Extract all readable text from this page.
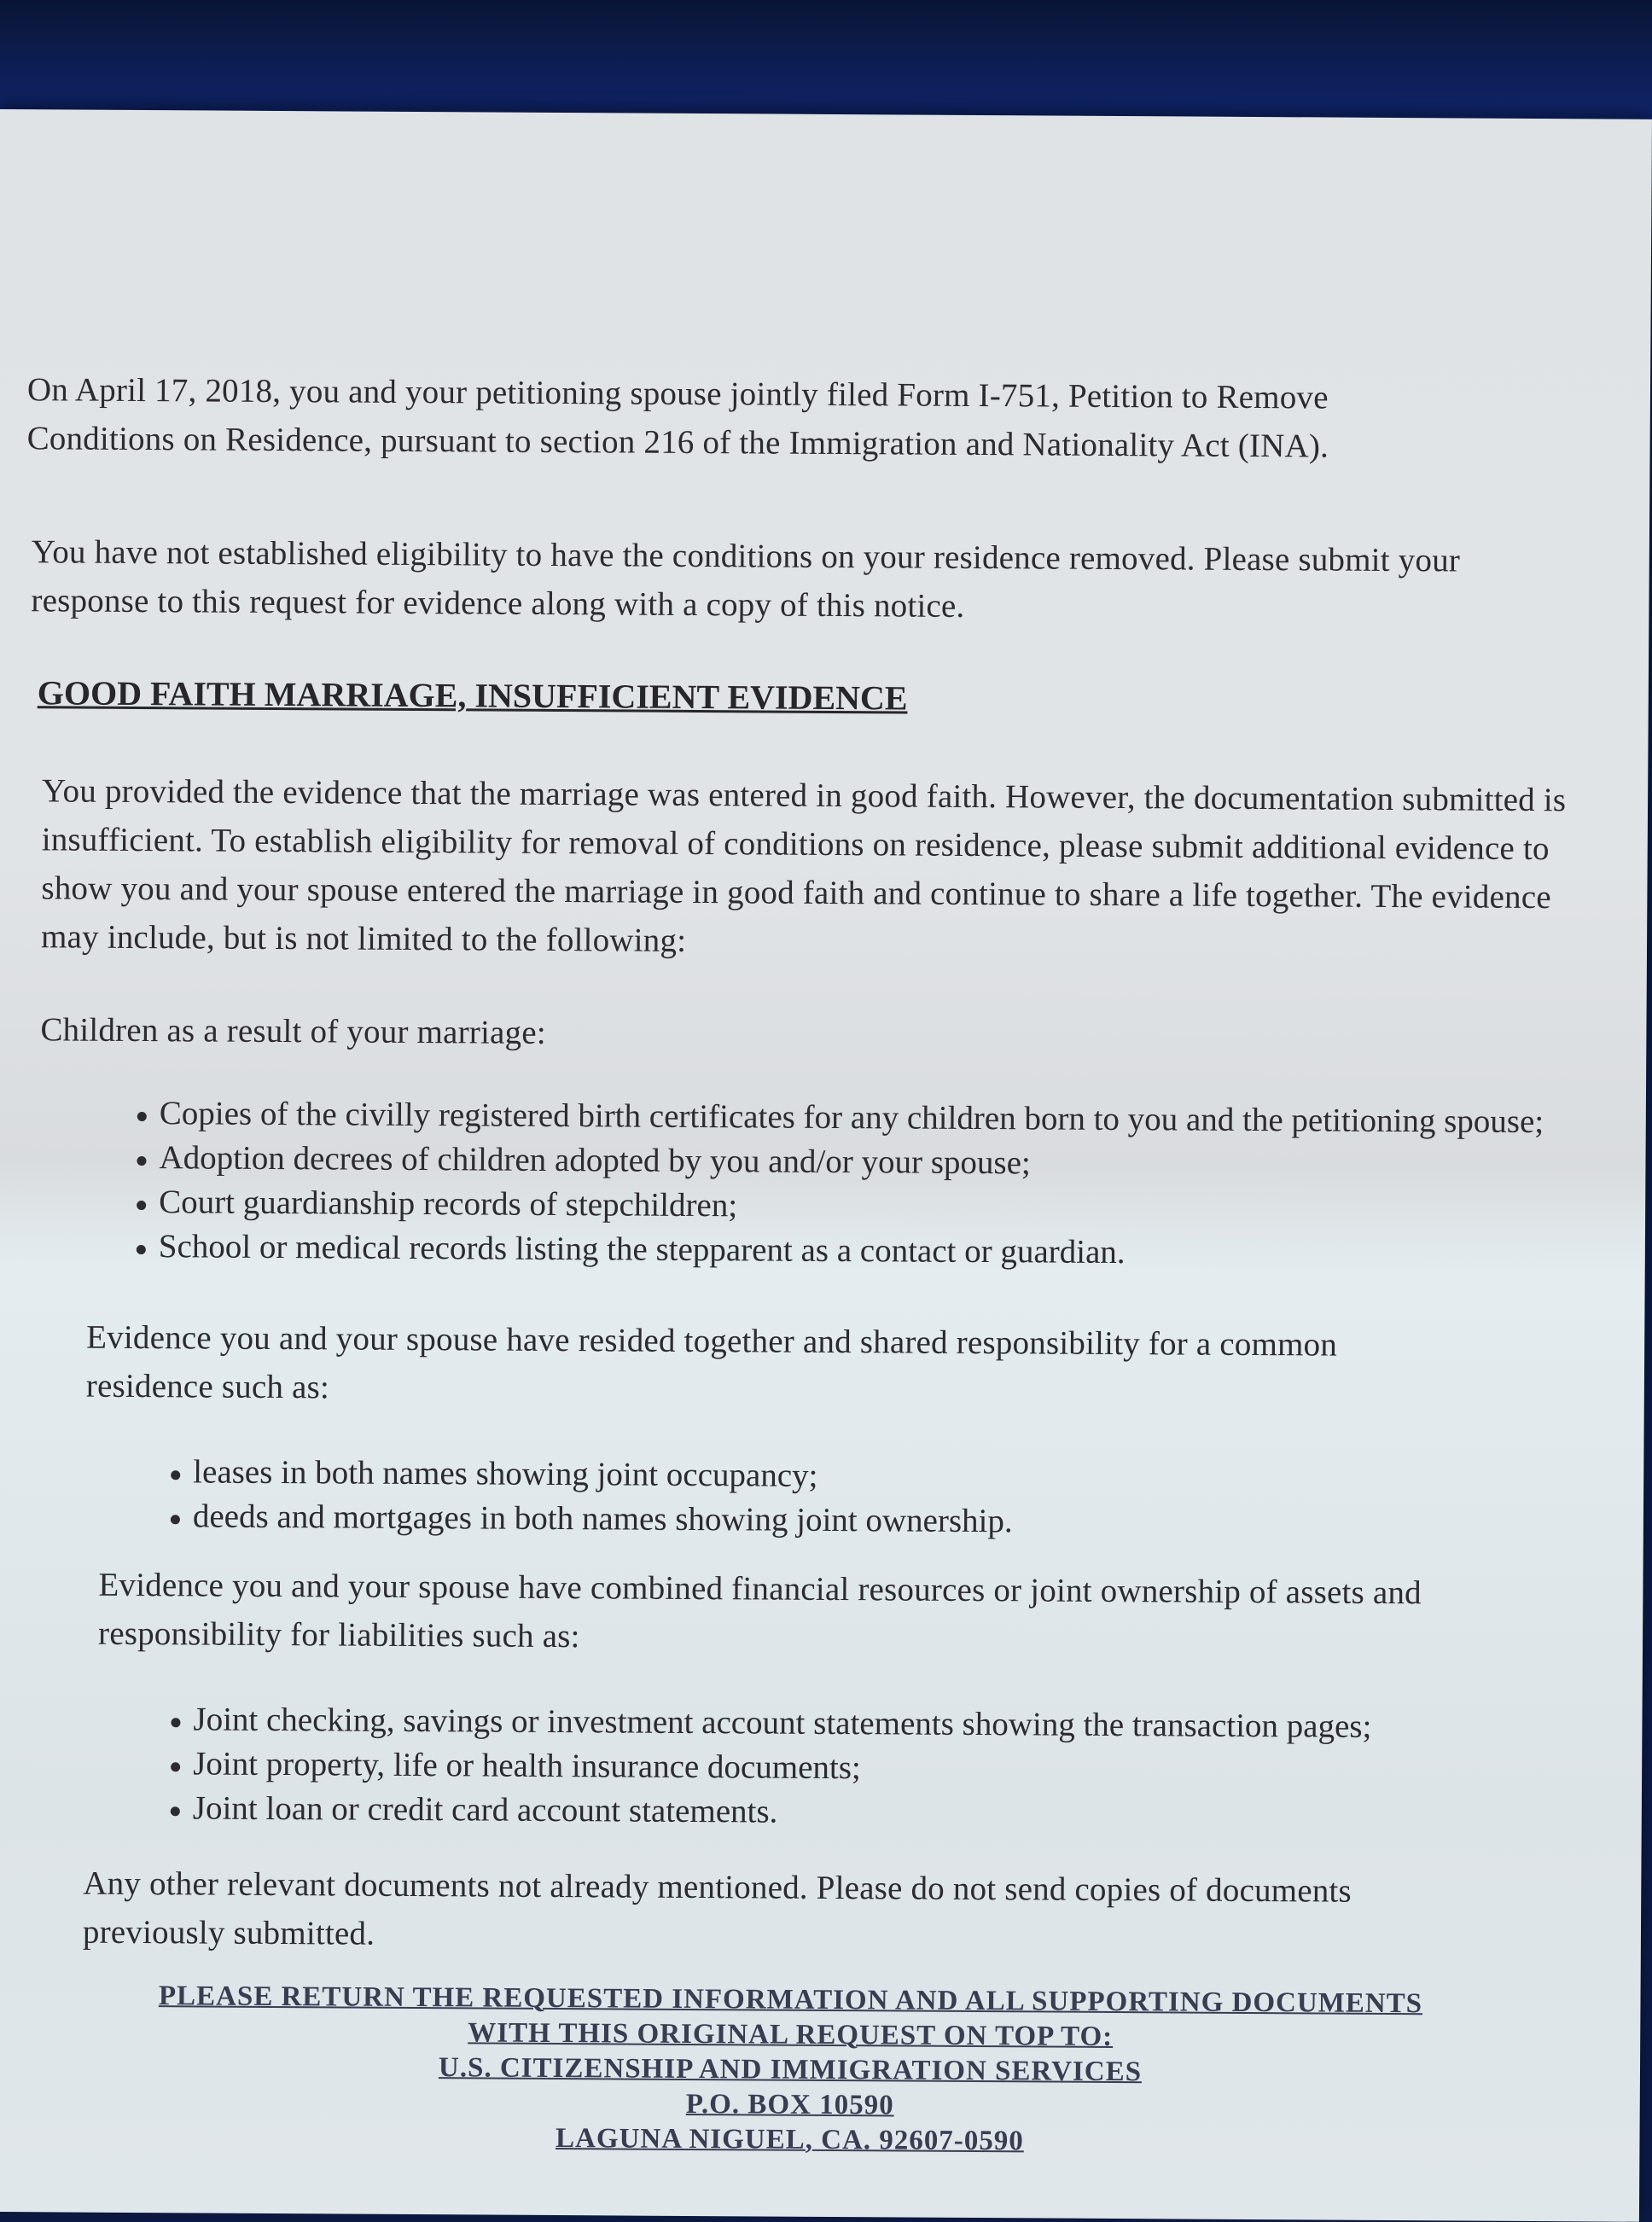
On April 17, 2018, you and your petitioning spouse jointly filed Form I-751, Petition to Remove Conditions on Residence, pursuant to section 216 of the Immigration and Nationality Act (INA).
You have not established eligibility to have the conditions on your residence removed. Please submit your response to this request for evidence along with a copy of this notice.
GOOD FAITH MARRIAGE, INSUFFICIENT EVIDENCE
You provided the evidence that the marriage was entered in good faith. However, the documentation submitted is insufficient. To establish eligibility for removal of conditions on residence, please submit additional evidence to show you and your spouse entered the marriage in good faith and continue to share a life together. The evidence may include, but is not limited to the following:
Children as a result of your marriage:
Copies of the civilly registered birth certificates for any children born to you and the petitioning spouse;
Adoption decrees of children adopted by you and/or your spouse;
Court guardianship records of stepchildren;
School or medical records listing the stepparent as a contact or guardian.
Evidence you and your spouse have resided together and shared responsibility for a common residence such as:
leases in both names showing joint occupancy;
deeds and mortgages in both names showing joint ownership.
Evidence you and your spouse have combined financial resources or joint ownership of assets and responsibility for liabilities such as:
Joint checking, savings or investment account statements showing the transaction pages;
Joint property, life or health insurance documents;
Joint loan or credit card account statements.
Any other relevant documents not already mentioned. Please do not send copies of documents previously submitted.
PLEASE RETURN THE REQUESTED INFORMATION AND ALL SUPPORTING DOCUMENTS
WITH THIS ORIGINAL REQUEST ON TOP TO:
U.S. CITIZENSHIP AND IMMIGRATION SERVICES
P.O. BOX 10590
LAGUNA NIGUEL, CA. 92607-0590
